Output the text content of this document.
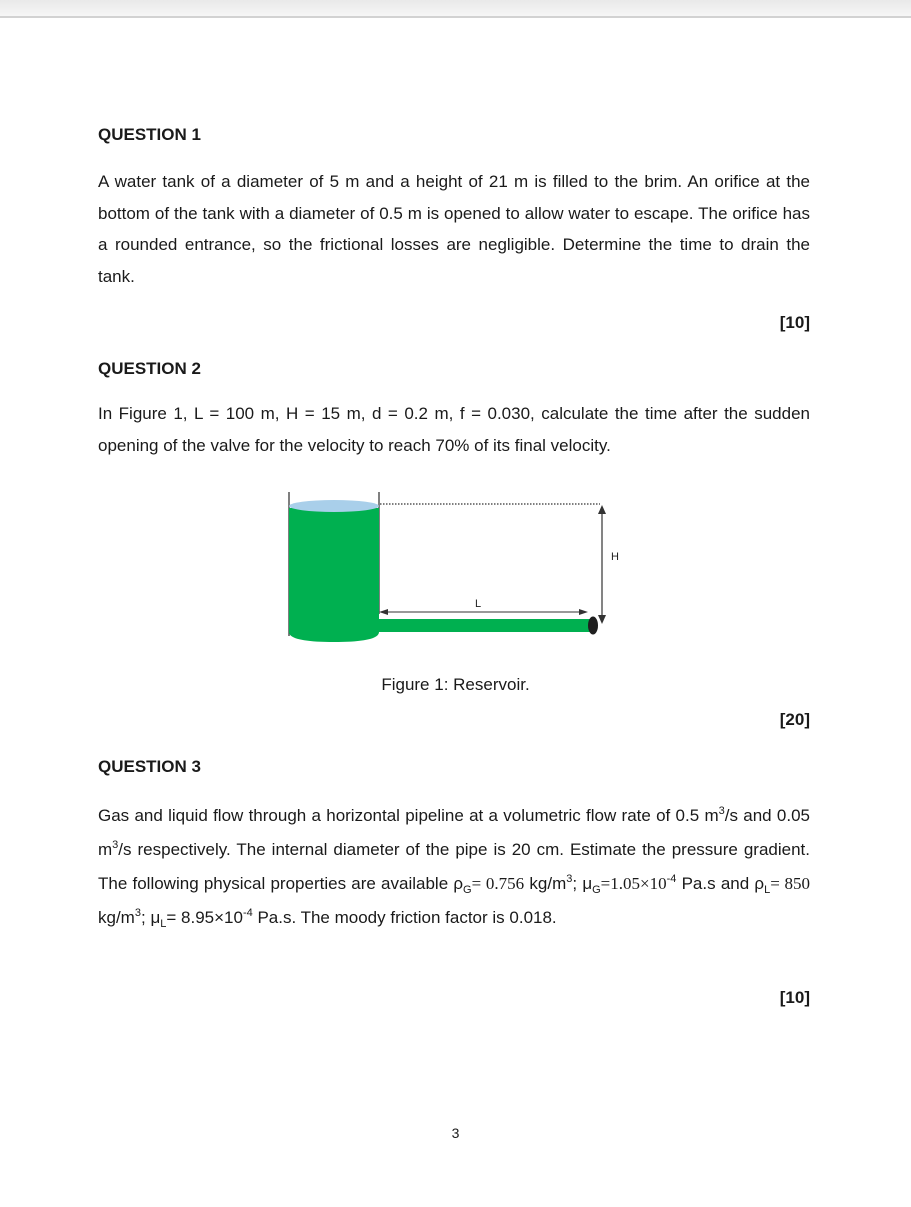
QUESTION 1

A water tank of a diameter of 5 m and a height of 21 m is filled to the brim. An orifice at the bottom of the tank with a diameter of 0.5 m is opened to allow water to escape. The orifice has a rounded entrance, so the frictional losses are negligible. Determine the time to drain the tank.

[10]

QUESTION 2

In Figure 1, L = 100 m, H = 15 m, d = 0.2 m, f = 0.030, calculate the time after the sudden opening of the valve for the velocity to reach 70% of its final velocity.

H
L
Figure 1: Reservoir.
[20]

QUESTION 3

Gas and liquid flow through a horizontal pipeline at a volumetric flow rate of 0.5 $m^3/s$ and 0.05 $m^3/s$ respectively. The internal diameter of the pipe is 20 cm. Estimate the pressure gradient. The following physical properties are available $\rho_G= 0.756$ $kg/m^3$; $\mu_G=1.05\times 10^{-4}$ Pa.s and $\rho_L= 850$ $kg/m^3$; $\mu_L= 8.95\times 10^{-4}$ Pa.s. The moody friction factor is 0.018.

[10]
3
